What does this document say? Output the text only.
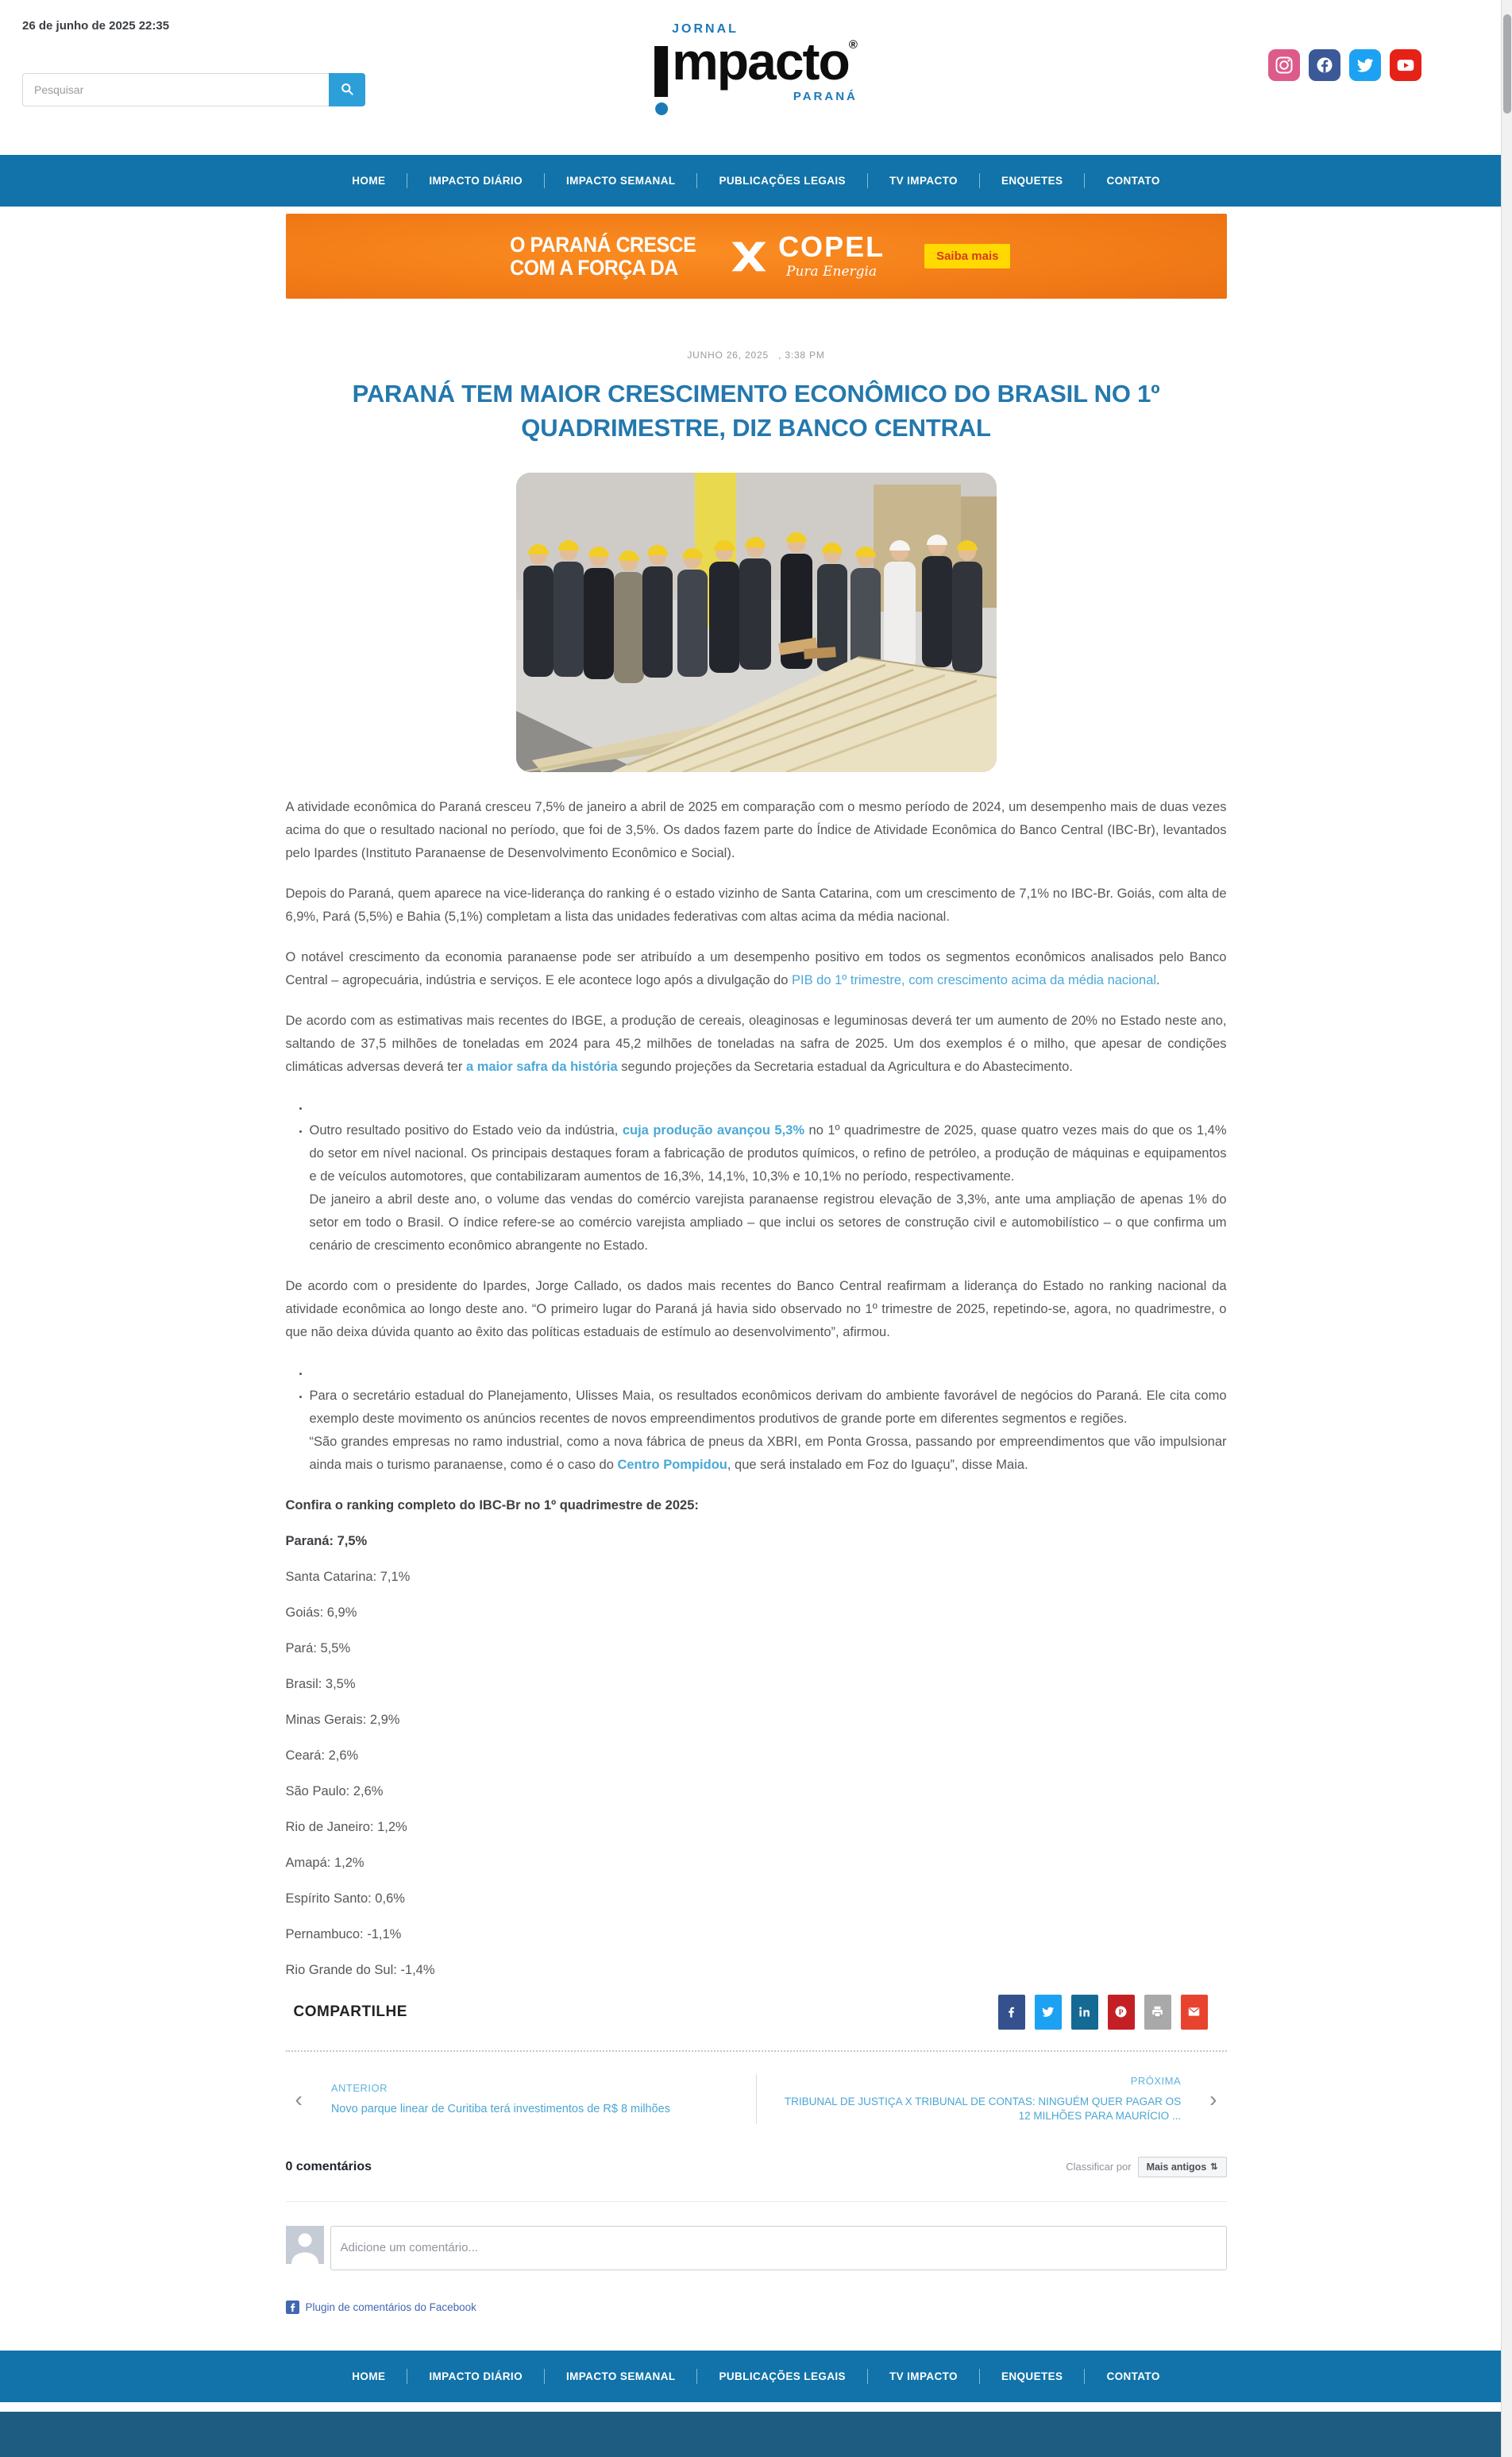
26 de junho de 2025 22:35
Pesquisar	JORNAL
mpacto ®
PARANÁ
HOME	IMPACTO DIÁRIO	IMPACTO SEMANAL	PUBLICAÇÕES LEGAIS	TV IMPACTO	ENQUETES	CONTATO
O PARANÁ CRESCE
COM A FORÇA DA
COPEL
Pura Energia
Saiba mais
JUNHO 26, 2025 , 3:38 PM
PARANÁ TEM MAIOR CRESCIMENTO ECONÔMICO DO BRASIL NO 1º QUADRIMESTRE, DIZ BANCO CENTRAL

A atividade econômica do Paraná cresceu 7,5% de janeiro a abril de 2025 em comparação com o mesmo período de 2024, um desempenho mais de duas vezes acima do que o resultado nacional no período, que foi de 3,5%. Os dados fazem parte do Índice de Atividade Econômica do Banco Central (IBC-Br), levantados pelo Ipardes (Instituto Paranaense de Desenvolvimento Econômico e Social).

Depois do Paraná, quem aparece na vice-liderança do ranking é o estado vizinho de Santa Catarina, com um crescimento de 7,1% no IBC-Br. Goiás, com alta de 6,9%, Pará (5,5%) e Bahia (5,1%) completam a lista das unidades federativas com altas acima da média nacional.

O notável crescimento da economia paranaense pode ser atribuído a um desempenho positivo em todos os segmentos econômicos analisados pelo Banco Central – agropecuária, indústria e serviços. E ele acontece logo após a divulgação do PIB do 1º trimestre, com crescimento acima da média nacional.

De acordo com as estimativas mais recentes do IBGE, a produção de cereais, oleaginosas e leguminosas deverá ter um aumento de 20% no Estado neste ano, saltando de 37,5 milhões de toneladas em 2024 para 45,2 milhões de toneladas na safra de 2025. Um dos exemplos é o milho, que apesar de condições climáticas adversas deverá ter a maior safra da história segundo projeções da Secretaria estadual da Agricultura e do Abastecimento.

•
• Outro resultado positivo do Estado veio da indústria, cuja produção avançou 5,3% no 1º quadrimestre de 2025, quase quatro vezes mais do que os 1,4% do setor em nível nacional. Os principais destaques foram a fabricação de produtos químicos, o refino de petróleo, a produção de máquinas e equipamentos e de veículos automotores, que contabilizaram aumentos de 16,3%, 14,1%, 10,3% e 10,1% no período, respectivamente.
De janeiro a abril deste ano, o volume das vendas do comércio varejista paranaense registrou elevação de 3,3%, ante uma ampliação de apenas 1% do setor em todo o Brasil. O índice refere-se ao comércio varejista ampliado – que inclui os setores de construção civil e automobilístico – o que confirma um cenário de crescimento econômico abrangente no Estado.

De acordo com o presidente do Ipardes, Jorge Callado, os dados mais recentes do Banco Central reafirmam a liderança do Estado no ranking nacional da atividade econômica ao longo deste ano. “O primeiro lugar do Paraná já havia sido observado no 1º trimestre de 2025, repetindo-se, agora, no quadrimestre, o que não deixa dúvida quanto ao êxito das políticas estaduais de estímulo ao desenvolvimento”, afirmou.

•
• Para o secretário estadual do Planejamento, Ulisses Maia, os resultados econômicos derivam do ambiente favorável de negócios do Paraná. Ele cita como exemplo deste movimento os anúncios recentes de novos empreendimentos produtivos de grande porte em diferentes segmentos e regiões.
“São grandes empresas no ramo industrial, como a nova fábrica de pneus da XBRI, em Ponta Grossa, passando por empreendimentos que vão impulsionar ainda mais o turismo paranaense, como é o caso do Centro Pompidou, que será instalado em Foz do Iguaçu”, disse Maia.

Confira o ranking completo do IBC-Br no 1º quadrimestre de 2025:

Paraná: 7,5%

Santa Catarina: 7,1%

Goiás: 6,9%

Pará: 5,5%

Brasil: 3,5%

Minas Gerais: 2,9%

Ceará: 2,6%

São Paulo: 2,6%

Rio de Janeiro: 1,2%

Amapá: 1,2%

Espírito Santo: 0,6%

Pernambuco: -1,1%

Rio Grande do Sul: -1,4%

COMPARTILHE	P
‹	ANTERIOR
Novo parque linear de Curitiba terá investimentos de R$ 8 milhões
PRÓXIMA
TRIBUNAL DE JUSTIÇA X TRIBUNAL DE CONTAS: NINGUÉM QUER PAGAR OS 12 MILHÕES PARA MAURÍCIO ...
›
0 comentários	Classificar por Mais antigos ⇅
Adicione um comentário...
Plugin de comentários do Facebook
HOME	IMPACTO DIÁRIO	IMPACTO SEMANAL	PUBLICAÇÕES LEGAIS	TV IMPACTO	ENQUETES	CONTATO
